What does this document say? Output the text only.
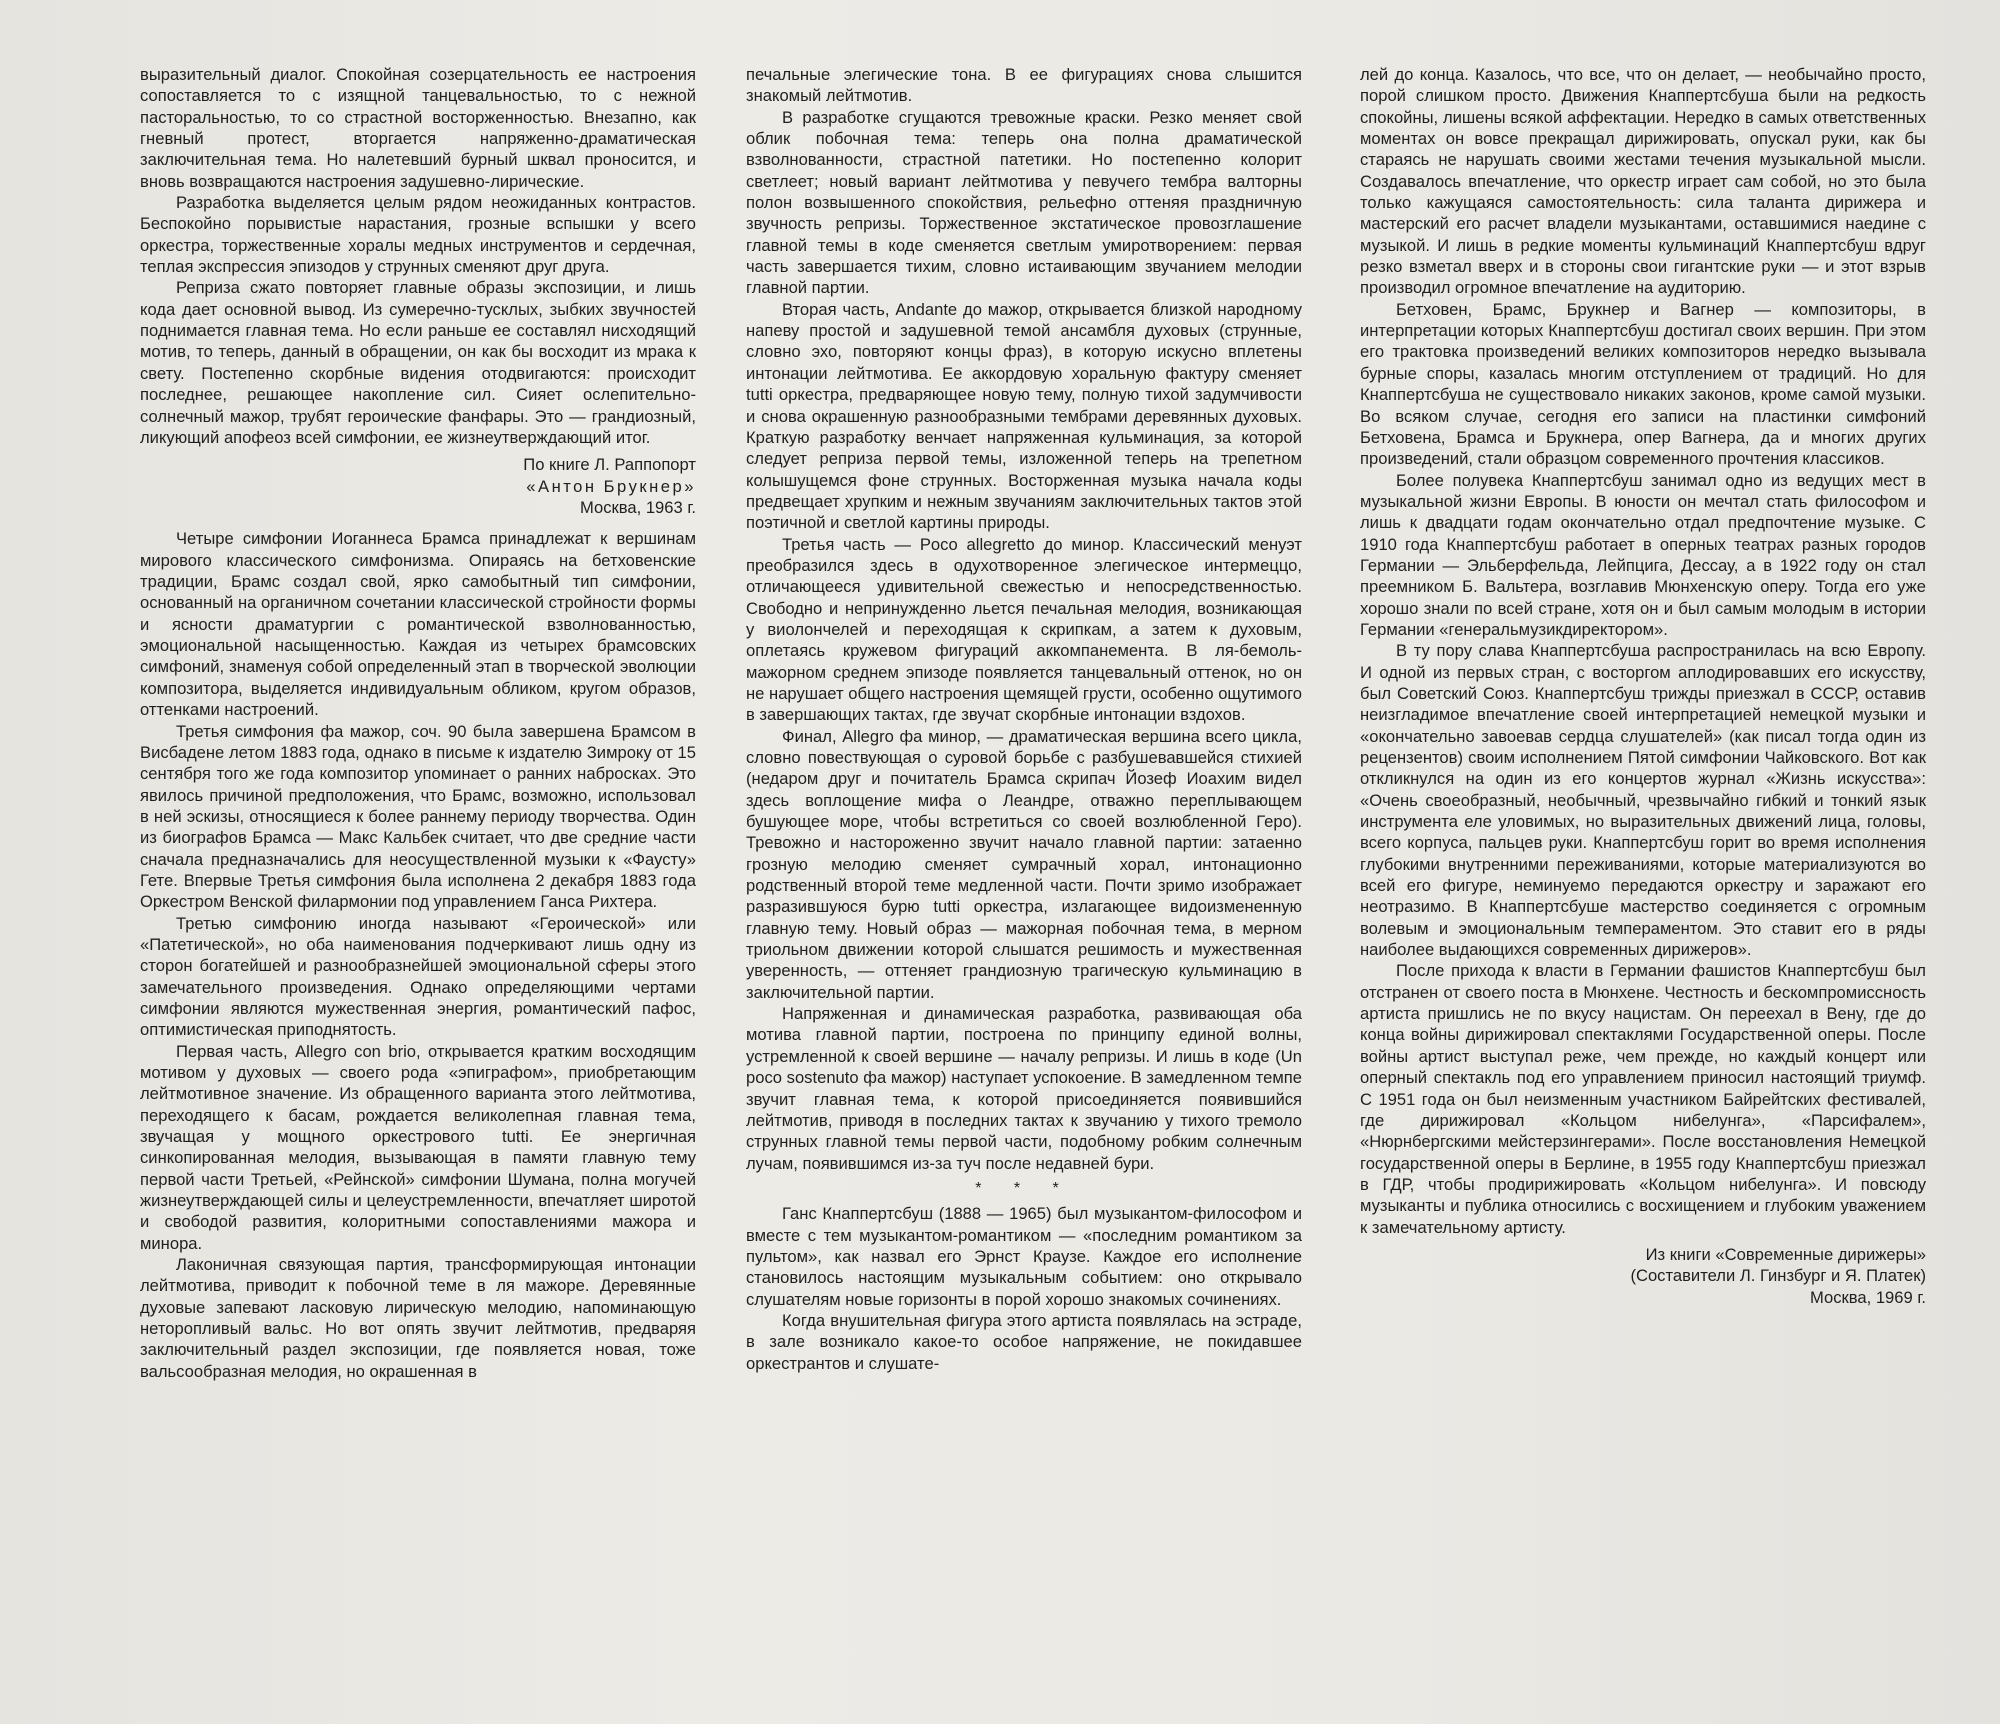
выразительный диалог. Спокойная созерцательность ее настроения сопоставляется то с изящной танцевальностью, то с нежной пасторальностью, то со страстной восторженностью. Внезапно, как гневный протест, вторгается напряженно-драматическая заключительная тема. Но налетевший бурный шквал проносится, и вновь возвращаются настроения задушевно-лирические.

Разработка выделяется целым рядом неожиданных контрастов. Беспокойно порывистые нарастания, грозные вспышки у всего оркестра, торжественные хоралы медных инструментов и сердечная, теплая экспрессия эпизодов у струнных сменяют друг друга.

Реприза сжато повторяет главные образы экспозиции, и лишь кода дает основной вывод. Из сумеречно-тусклых, зыбких звучностей поднимается главная тема. Но если раньше ее составлял нисходящий мотив, то теперь, данный в обращении, он как бы восходит из мрака к свету. Постепенно скорбные видения отодвигаются: происходит последнее, решающее накопление сил. Сияет ослепительно-солнечный мажор, трубят героические фанфары. Это — грандиозный, ликующий апофеоз всей симфонии, ее жизнеутверждающий итог.

По книге Л. Раппопорт
«Антон Брукнер»
Москва, 1963 г.

Четыре симфонии Иоганнеса Брамса принадлежат к вершинам мирового классического симфонизма. Опираясь на бетховенские традиции, Брамс создал свой, ярко самобытный тип симфонии, основанный на органичном сочетании классической стройности формы и ясности драматургии с романтической взволнованностью, эмоциональной насыщенностью. Каждая из четырех брамсовских симфоний, знаменуя собой определенный этап в творческой эволюции композитора, выделяется индивидуальным обликом, кругом образов, оттенками настроений.

Третья симфония фа мажор, соч. 90 была завершена Брамсом в Висбадене летом 1883 года, однако в письме к издателю Зимроку от 15 сентября того же года композитор упоминает о ранних набросках. Это явилось причиной предположения, что Брамс, возможно, использовал в ней эскизы, относящиеся к более раннему периоду творчества. Один из биографов Брамса — Макс Кальбек считает, что две средние части сначала предназначались для неосуществленной музыки к «Фаусту» Гете. Впервые Третья симфония была исполнена 2 декабря 1883 года Оркестром Венской филармонии под управлением Ганса Рихтера.

Третью симфонию иногда называют «Героической» или «Патетической», но оба наименования подчеркивают лишь одну из сторон богатейшей и разнообразнейшей эмоциональной сферы этого замечательного произведения. Однако определяющими чертами симфонии являются мужественная энергия, романтический пафос, оптимистическая приподнятость.

Первая часть, Allegro con brio, открывается кратким восходящим мотивом у духовых — своего рода «эпиграфом», приобретающим лейтмотивное значение. Из обращенного варианта этого лейтмотива, переходящего к басам, рождается великолепная главная тема, звучащая у мощного оркестрового tutti. Ее энергичная синкопированная мелодия, вызывающая в памяти главную тему первой части Третьей, «Рейнской» симфонии Шумана, полна могучей жизнеутверждающей силы и целеустремленности, впечатляет широтой и свободой развития, колоритными сопоставлениями мажора и минора.

Лаконичная связующая партия, трансформирующая интонации лейтмотива, приводит к побочной теме в ля мажоре. Деревянные духовые запевают ласковую лирическую мелодию, напоминающую неторопливый вальс. Но вот опять звучит лейтмотив, предваряя заключительный раздел экспозиции, где появляется новая, тоже вальсообразная мелодия, но окрашенная в

печальные элегические тона. В ее фигурациях снова слышится знакомый лейтмотив.

В разработке сгущаются тревожные краски. Резко меняет свой облик побочная тема: теперь она полна драматической взволнованности, страстной патетики. Но постепенно колорит светлеет; новый вариант лейтмотива у певучего тембра валторны полон возвышенного спокойствия, рельефно оттеняя праздничную звучность репризы. Торжественное экстатическое провозглашение главной темы в коде сменяется светлым умиротворением: первая часть завершается тихим, словно истаивающим звучанием мелодии главной партии.

Вторая часть, Andante до мажор, открывается близкой народному напеву простой и задушевной темой ансамбля духовых (струнные, словно эхо, повторяют концы фраз), в которую искусно вплетены интонации лейтмотива. Ее аккордовую хоральную фактуру сменяет tutti оркестра, предваряющее новую тему, полную тихой задумчивости и снова окрашенную разнообразными тембрами деревянных духовых. Краткую разработку венчает напряженная кульминация, за которой следует реприза первой темы, изложенной теперь на трепетном колышущемся фоне струнных. Восторженная музыка начала коды предвещает хрупким и нежным звучаниям заключительных тактов этой поэтичной и светлой картины природы.

Третья часть — Poco allegretto до минор. Классический менуэт преобразился здесь в одухотворенное элегическое интермеццо, отличающееся удивительной свежестью и непосредственностью. Свободно и непринужденно льется печальная мелодия, возникающая у виолончелей и переходящая к скрипкам, а затем к духовым, оплетаясь кружевом фигураций аккомпанемента. В ля-бемоль-мажорном среднем эпизоде появляется танцевальный оттенок, но он не нарушает общего настроения щемящей грусти, особенно ощутимого в завершающих тактах, где звучат скорбные интонации вздохов.

Финал, Allegro фа минор, — драматическая вершина всего цикла, словно повествующая о суровой борьбе с разбушевавшейся стихией (недаром друг и почитатель Брамса скрипач Йозеф Иоахим видел здесь воплощение мифа о Леандре, отважно переплывающем бушующее море, чтобы встретиться со своей возлюбленной Геро). Тревожно и настороженно звучит начало главной партии: затаенно грозную мелодию сменяет сумрачный хорал, интонационно родственный второй теме медленной части. Почти зримо изображает разразившуюся бурю tutti оркестра, излагающее видоизмененную главную тему. Новый образ — мажорная побочная тема, в мерном триольном движении которой слышатся решимость и мужественная уверенность, — оттеняет грандиозную трагическую кульминацию в заключительной партии.

Напряженная и динамическая разработка, развивающая оба мотива главной партии, построена по принципу единой волны, устремленной к своей вершине — началу репризы. И лишь в коде (Un poco sostenuto фа мажор) наступает успокоение. В замедленном темпе звучит главная тема, к которой присоединяется появившийся лейтмотив, приводя в последних тактах к звучанию у тихого тремоло струнных главной темы первой части, подобному робким солнечным лучам, появившимся из-за туч после недавней бури.

* * *

Ганс Кнаппертсбуш (1888 — 1965) был музыкантом-философом и вместе с тем музыкантом-романтиком — «последним романтиком за пультом», как назвал его Эрнст Краузе. Каждое его исполнение становилось настоящим музыкальным событием: оно открывало слушателям новые горизонты в порой хорошо знакомых сочинениях.

Когда внушительная фигура этого артиста появлялась на эстраде, в зале возникало какое-то особое напряжение, не покидавшее оркестрантов и слушате-

лей до конца. Казалось, что все, что он делает, — необычайно просто, порой слишком просто. Движения Кнаппертсбуша были на редкость спокойны, лишены всякой аффектации. Нередко в самых ответственных моментах он вовсе прекращал дирижировать, опускал руки, как бы стараясь не нарушать своими жестами течения музыкальной мысли. Создавалось впечатление, что оркестр играет сам собой, но это была только кажущаяся самостоятельность: сила таланта дирижера и мастерский его расчет владели музыкантами, оставшимися наедине с музыкой. И лишь в редкие моменты кульминаций Кнаппертсбуш вдруг резко взметал вверх и в стороны свои гигантские руки — и этот взрыв производил огромное впечатление на аудиторию.

Бетховен, Брамс, Брукнер и Вагнер — композиторы, в интерпретации которых Кнаппертсбуш достигал своих вершин. При этом его трактовка произведений великих композиторов нередко вызывала бурные споры, казалась многим отступлением от традиций. Но для Кнаппертсбуша не существовало никаких законов, кроме самой музыки. Во всяком случае, сегодня его записи на пластинки симфоний Бетховена, Брамса и Брукнера, опер Вагнера, да и многих других произведений, стали образцом современного прочтения классиков.

Более полувека Кнаппертсбуш занимал одно из ведущих мест в музыкальной жизни Европы. В юности он мечтал стать философом и лишь к двадцати годам окончательно отдал предпочтение музыке. С 1910 года Кнаппертсбуш работает в оперных театрах разных городов Германии — Эльберфельда, Лейпцига, Дессау, а в 1922 году он стал преемником Б. Вальтера, возглавив Мюнхенскую оперу. Тогда его уже хорошо знали по всей стране, хотя он и был самым молодым в истории Германии «генеральмузикдиректором».

В ту пору слава Кнаппертсбуша распространилась на всю Европу. И одной из первых стран, с восторгом аплодировавших его искусству, был Советский Союз. Кнаппертсбуш трижды приезжал в СССР, оставив неизгладимое впечатление своей интерпретацией немецкой музыки и «окончательно завоевав сердца слушателей» (как писал тогда один из рецензентов) своим исполнением Пятой симфонии Чайковского. Вот как откликнулся на один из его концертов журнал «Жизнь искусства»: «Очень своеобразный, необычный, чрезвычайно гибкий и тонкий язык инструмента еле уловимых, но выразительных движений лица, головы, всего корпуса, пальцев руки. Кнаппертсбуш горит во время исполнения глубокими внутренними переживаниями, которые материализуются во всей его фигуре, неминуемо передаются оркестру и заражают его неотразимо. В Кнаппертсбуше мастерство соединяется с огромным волевым и эмоциональным темпераментом. Это ставит его в ряды наиболее выдающихся современных дирижеров».

После прихода к власти в Германии фашистов Кнаппертсбуш был отстранен от своего поста в Мюнхене. Честность и бескомпромиссность артиста пришлись не по вкусу нацистам. Он переехал в Вену, где до конца войны дирижировал спектаклями Государственной оперы. После войны артист выступал реже, чем прежде, но каждый концерт или оперный спектакль под его управлением приносил настоящий триумф. С 1951 года он был неизменным участником Байрейтских фестивалей, где дирижировал «Кольцом нибелунга», «Парсифалем», «Нюрнбергскими мейстерзингерами». После восстановления Немецкой государственной оперы в Берлине, в 1955 году Кнаппертсбуш приезжал в ГДР, чтобы продирижировать «Кольцом нибелунга». И повсюду музыканты и публика относились с восхищением и глубоким уважением к замечательному артисту.

Из книги «Современные дирижеры»
(Составители Л. Гинзбург и Я. Платек)
Москва, 1969 г.
